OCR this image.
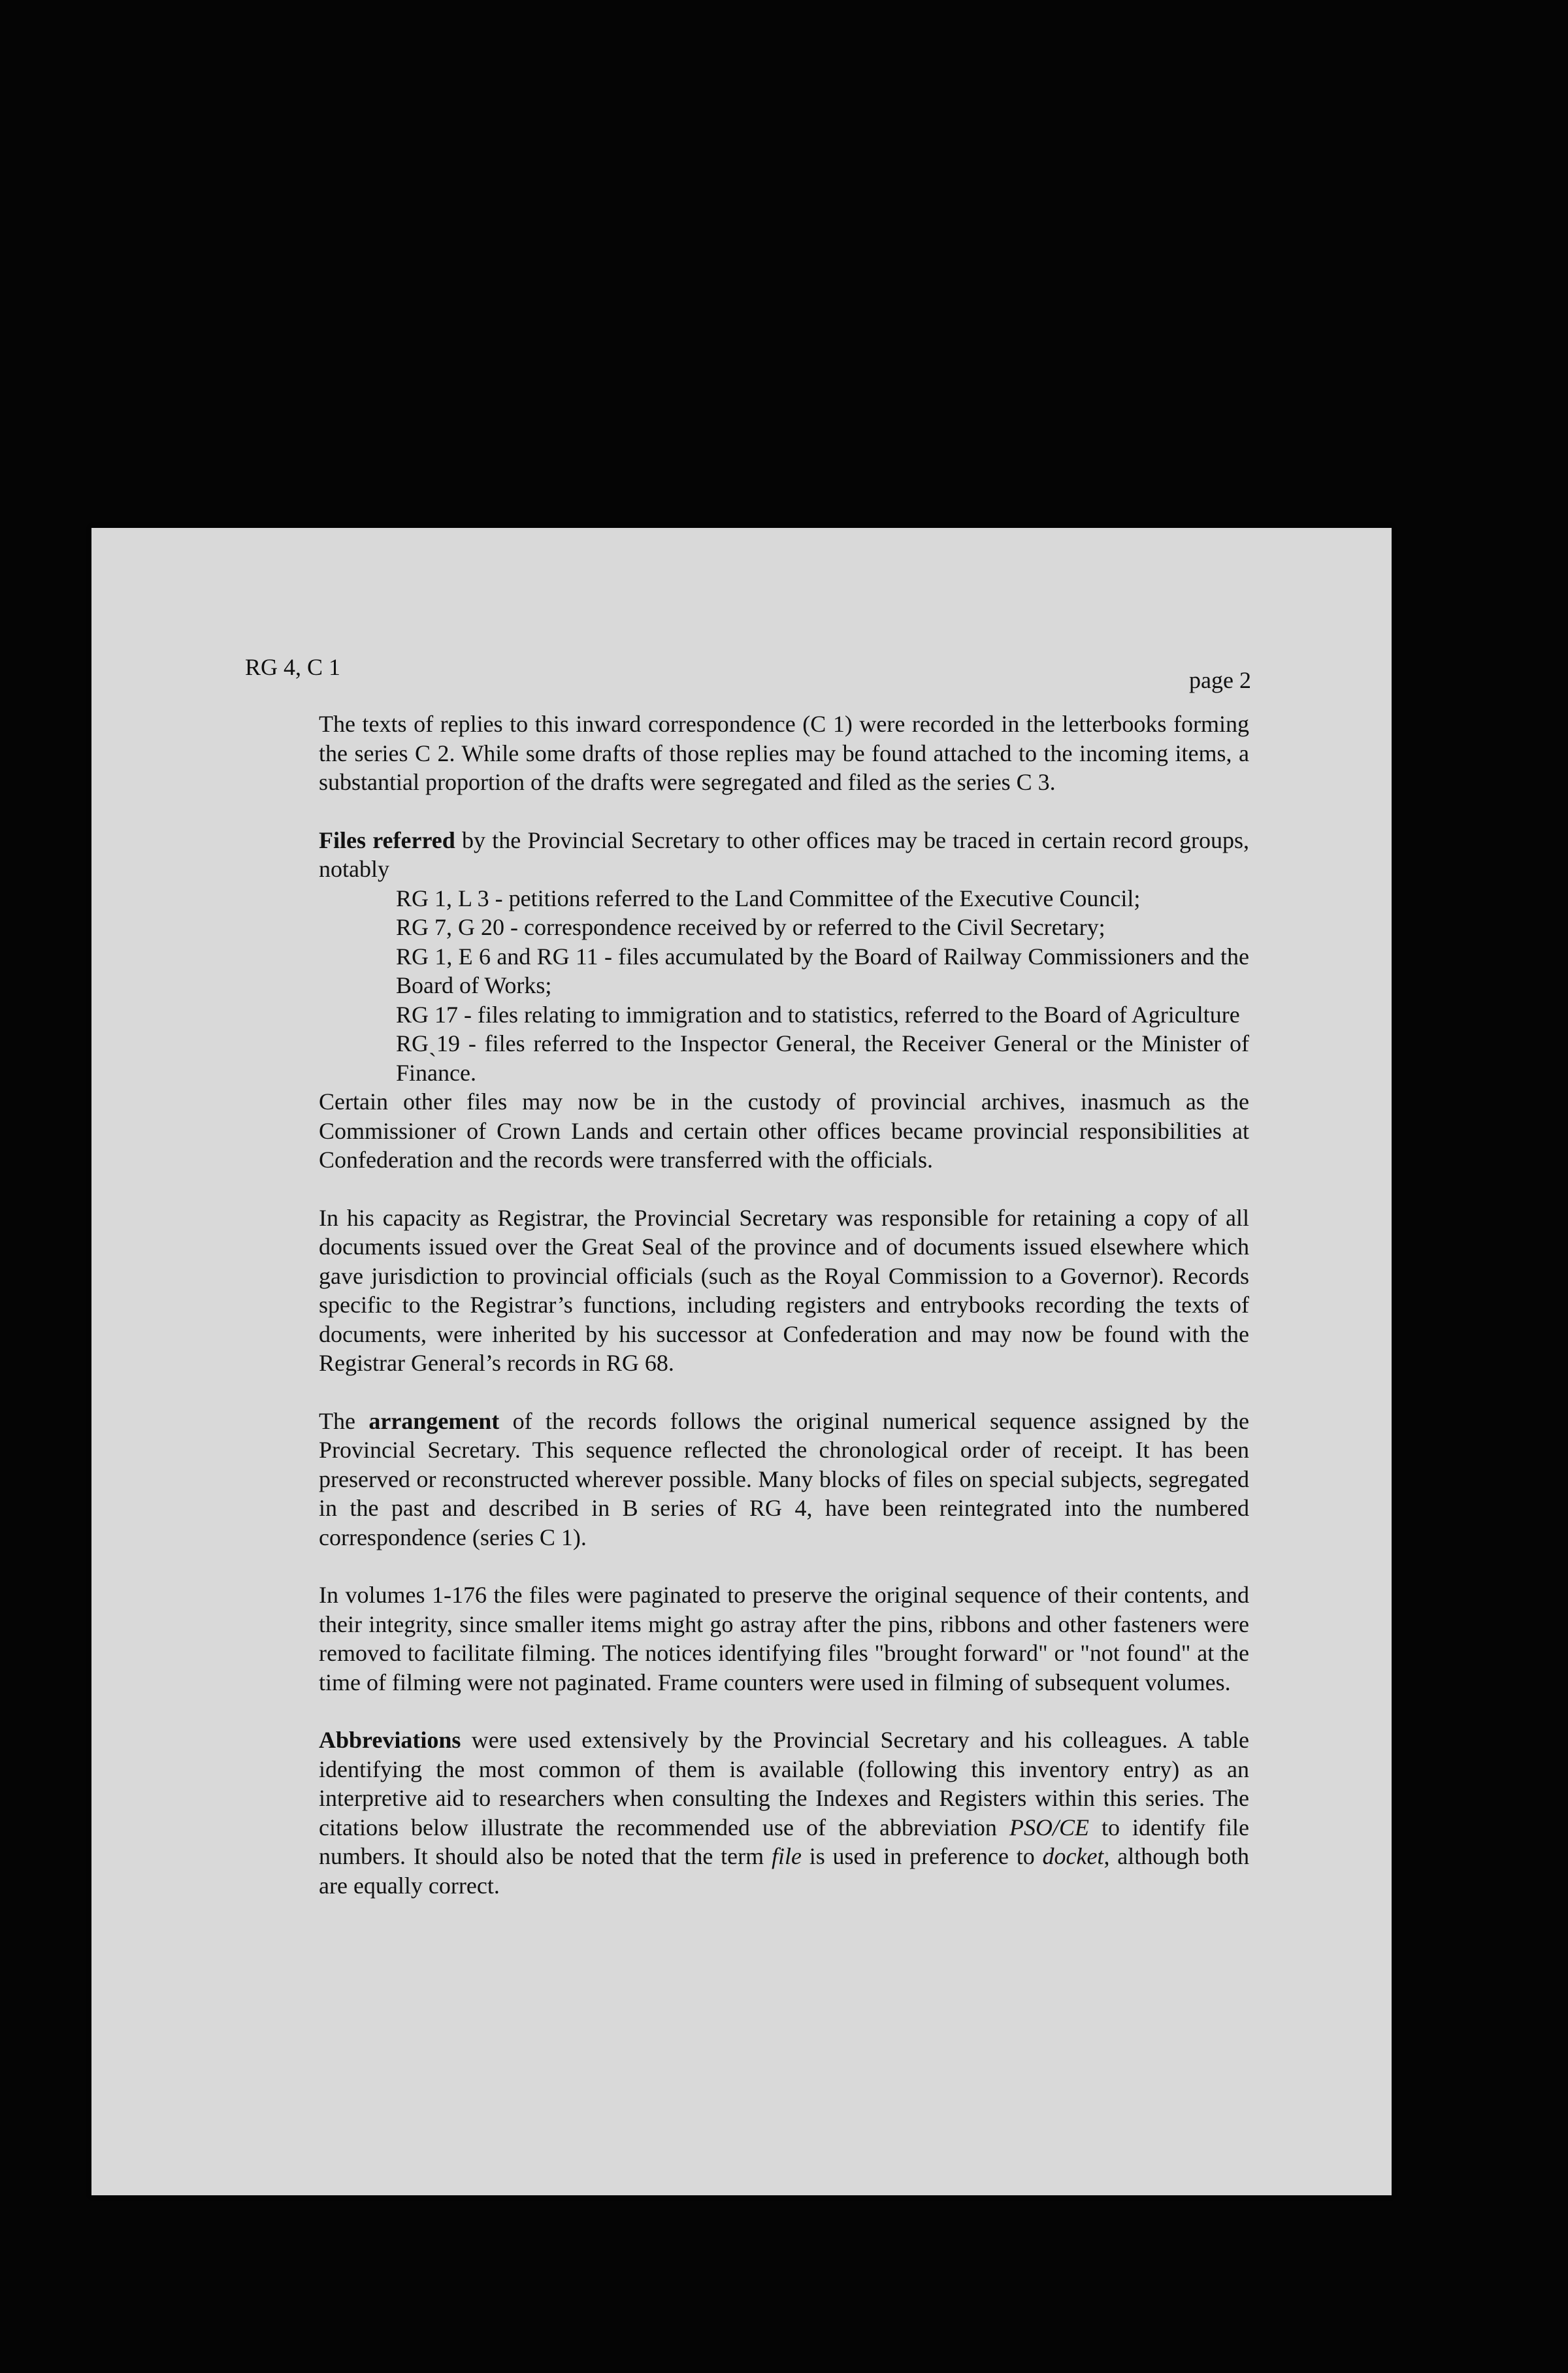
RG 4, C 1	page 2

The texts of replies to this inward correspondence (C 1) were recorded in the letterbooks forming the series C 2. While some drafts of those replies may be found attached to the incoming items, a substantial proportion of the drafts were segregated and filed as the series C 3.

Files referred by the Provincial Secretary to other offices may be traced in certain record groups, notably

RG 1, L 3 - petitions referred to the Land Committee of the Executive Council;
RG 7, G 20 - correspondence received by or referred to the Civil Secretary;
RG 1, E 6 and RG 11 - files accumulated by the Board of Railway Commissioners and the Board of Works;
RG 17 - files relating to immigration and to statistics, referred to the Board of Agriculture
RGˎ19 - files referred to the Inspector General, the Receiver General or the Minister of Finance.

Certain other files may now be in the custody of provincial archives, inasmuch as the Commissioner of Crown Lands and certain other offices became provincial responsibilities at Confederation and the records were transferred with the officials.

In his capacity as Registrar, the Provincial Secretary was responsible for retaining a copy of all documents issued over the Great Seal of the province and of documents issued elsewhere which gave jurisdiction to provincial officials (such as the Royal Commission to a Governor). Records specific to the Registrar’s functions, including registers and entrybooks recording the texts of documents, were inherited by his successor at Confederation and may now be found with the Registrar General’s records in RG 68.

The arrangement of the records follows the original numerical sequence assigned by the Provincial Secretary. This sequence reflected the chronological order of receipt. It has been preserved or reconstructed wherever possible. Many blocks of files on special subjects, segregated in the past and described in B series of RG 4, have been reintegrated into the numbered correspondence (series C 1).

In volumes 1-176 the files were paginated to preserve the original sequence of their contents, and their integrity, since smaller items might go astray after the pins, ribbons and other fasteners were removed to facilitate filming. The notices identifying files "brought forward" or "not found" at the time of filming were not paginated. Frame counters were used in filming of subsequent volumes.

Abbreviations were used extensively by the Provincial Secretary and his colleagues. A table identifying the most common of them is available (following this inventory entry) as an interpretive aid to researchers when consulting the Indexes and Registers within this series. The citations below illustrate the recommended use of the abbreviation PSO/CE to identify file numbers. It should also be noted that the term file is used in preference to docket, although both are equally correct.
